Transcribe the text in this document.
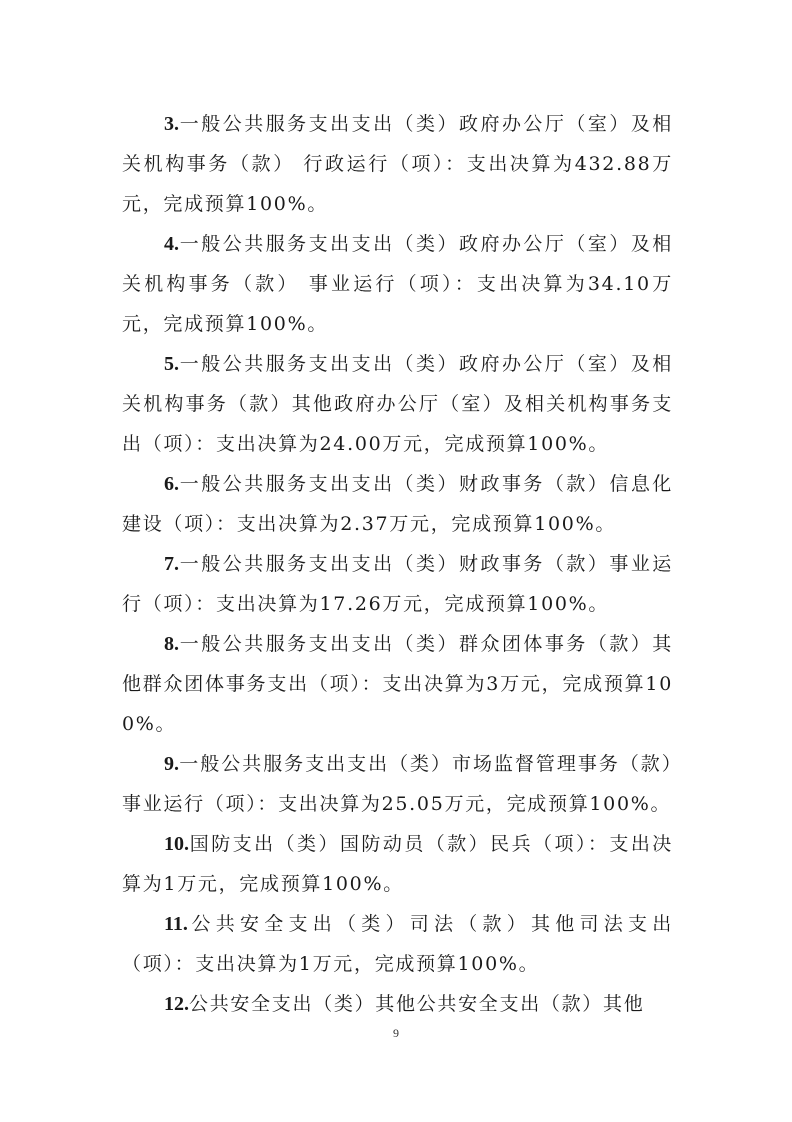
3.一般公共服务支出支出（类）政府办公厅（室）及相关机构事务（款） 行政运行（项）：支出决算为432.88万元，完成预算100%。

4.一般公共服务支出支出（类）政府办公厅（室）及相关机构事务（款） 事业运行（项）：支出决算为34.10万元，完成预算100%。

5.一般公共服务支出支出（类）政府办公厅（室）及相关机构事务（款）其他政府办公厅（室）及相关机构事务支出（项）：支出决算为24.00万元，完成预算100%。

6.一般公共服务支出支出（类）财政事务（款）信息化建设（项）：支出决算为2.37万元，完成预算100%。

7.一般公共服务支出支出（类）财政事务（款）事业运行（项）：支出决算为17.26万元，完成预算100%。

8.一般公共服务支出支出（类）群众团体事务（款）其他群众团体事务支出（项）：支出决算为3万元，完成预算100%。

9.一般公共服务支出支出（类）市场监督管理事务（款）事业运行（项）：支出决算为25.05万元，完成预算100%。

10.国防支出（类）国防动员（款）民兵（项）：支出决算为1万元，完成预算100%。

11.公共安全支出（类）司法（款）其他司法支出（项）：支出决算为1万元，完成预算100%。

12.公共安全支出（类）其他公共安全支出（款）其他

9
